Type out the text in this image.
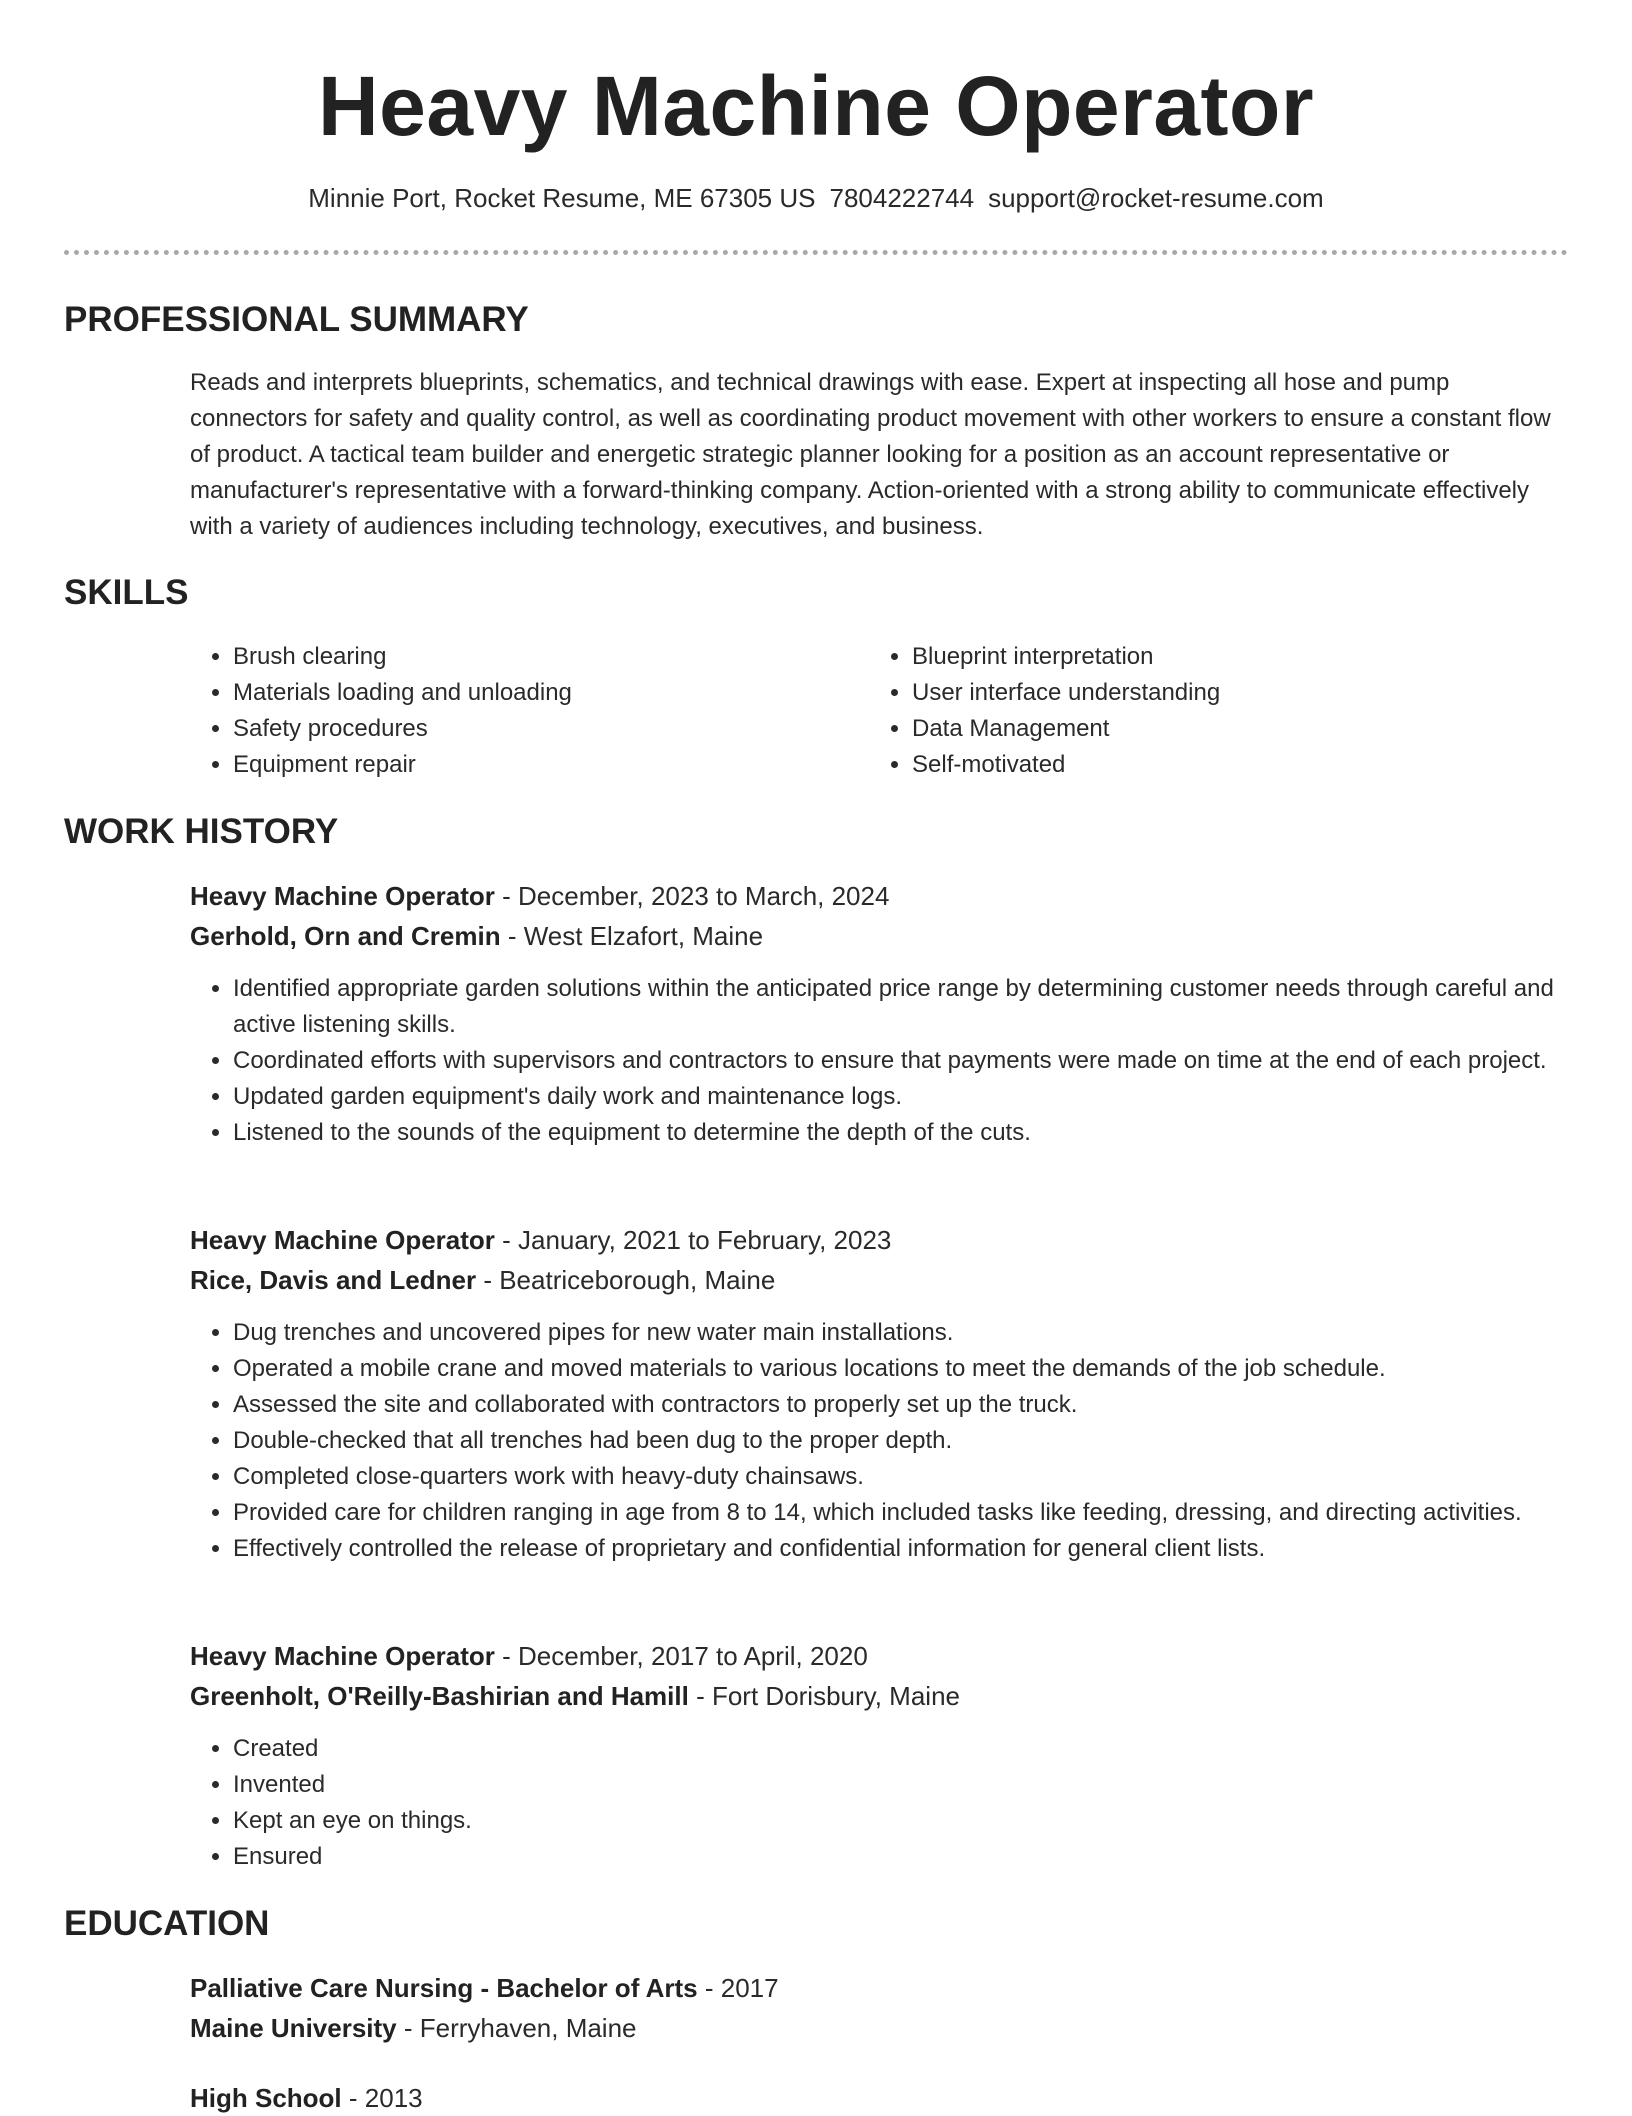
Heavy Machine Operator
Minnie Port, Rocket Resume, ME 67305 US 7804222744 support@rocket-resume.com
PROFESSIONAL SUMMARY

Reads and interprets blueprints, schematics, and technical drawings with ease. Expert at inspecting all hose and pump connectors for safety and quality control, as well as coordinating product movement with other workers to ensure a constant flow of product. A tactical team builder and energetic strategic planner looking for a position as an account representative or manufacturer's representative with a forward-thinking company. Action-oriented with a strong ability to communicate effectively with a variety of audiences including technology, executives, and business.

SKILLS
• Brush clearing
• Materials loading and unloading
• Safety procedures
• Equipment repair
• Blueprint interpretation
• User interface understanding
• Data Management
• Self-motivated
WORK HISTORY
Heavy Machine Operator - December, 2023 to March, 2024
Gerhold, Orn and Cremin - West Elzafort, Maine
• Identified appropriate garden solutions within the anticipated price range by determining customer needs through careful and active listening skills.
• Coordinated efforts with supervisors and contractors to ensure that payments were made on time at the end of each project.
• Updated garden equipment's daily work and maintenance logs.
• Listened to the sounds of the equipment to determine the depth of the cuts.
Heavy Machine Operator - January, 2021 to February, 2023
Rice, Davis and Ledner - Beatriceborough, Maine
• Dug trenches and uncovered pipes for new water main installations.
• Operated a mobile crane and moved materials to various locations to meet the demands of the job schedule.
• Assessed the site and collaborated with contractors to properly set up the truck.
• Double-checked that all trenches had been dug to the proper depth.
• Completed close-quarters work with heavy-duty chainsaws.
• Provided care for children ranging in age from 8 to 14, which included tasks like feeding, dressing, and directing activities.
• Effectively controlled the release of proprietary and confidential information for general client lists.
Heavy Machine Operator - December, 2017 to April, 2020
Greenholt, O'Reilly-Bashirian and Hamill - Fort Dorisbury, Maine
• Created
• Invented
• Kept an eye on things.
• Ensured
EDUCATION
Palliative Care Nursing - Bachelor of Arts - 2017
Maine University - Ferryhaven, Maine
High School - 2013
